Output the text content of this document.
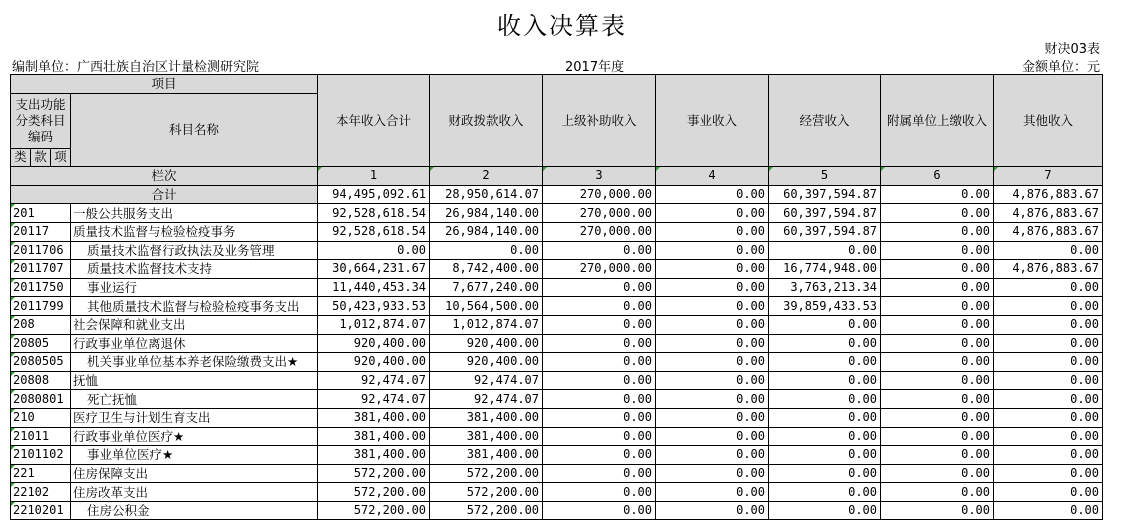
收入决算表
财决03表
编制单位：广西壮族自治区计量检测研究院	2017年度	金额单位：元
项目				本年收入合计	财政拨款收入	上级补助收入	事业收入	经营收入	附属单位上缴收入	其他收入
支出功能分类科目编码			科目名称							

类	款	项								
栏次				1	2	3	4	5	6	7
合计				94,495,092.61	28,950,614.07	270,000.00	0.00	60,397,594.87	0.00	4,876,883.67
201			一般公共服务支出	92,528,618.54	26,984,140.00	270,000.00	0.00	60,397,594.87	0.00	4,876,883.67
20117			质量技术监督与检验检疫事务	92,528,618.54	26,984,140.00	270,000.00	0.00	60,397,594.87	0.00	4,876,883.67
2011706			质量技术监督行政执法及业务管理	0.00	0.00	0.00	0.00	0.00	0.00	0.00
2011707			质量技术监督技术支持	30,664,231.67	8,742,400.00	270,000.00	0.00	16,774,948.00	0.00	4,876,883.67
2011750			事业运行	11,440,453.34	7,677,240.00	0.00	0.00	3,763,213.34	0.00	0.00
2011799			其他质量技术监督与检验检疫事务支出	50,423,933.53	10,564,500.00	0.00	0.00	39,859,433.53	0.00	0.00
208			社会保障和就业支出	1,012,874.07	1,012,874.07	0.00	0.00	0.00	0.00	0.00
20805			行政事业单位离退休	920,400.00	920,400.00	0.00	0.00	0.00	0.00	0.00
2080505			机关事业单位基本养老保险缴费支出★	920,400.00	920,400.00	0.00	0.00	0.00	0.00	0.00
20808			抚恤	92,474.07	92,474.07	0.00	0.00	0.00	0.00	0.00
2080801			死亡抚恤	92,474.07	92,474.07	0.00	0.00	0.00	0.00	0.00
210			医疗卫生与计划生育支出	381,400.00	381,400.00	0.00	0.00	0.00	0.00	0.00
21011			行政事业单位医疗★	381,400.00	381,400.00	0.00	0.00	0.00	0.00	0.00
2101102			事业单位医疗★	381,400.00	381,400.00	0.00	0.00	0.00	0.00	0.00
221			住房保障支出	572,200.00	572,200.00	0.00	0.00	0.00	0.00	0.00
22102			住房改革支出	572,200.00	572,200.00	0.00	0.00	0.00	0.00	0.00
2210201			住房公积金	572,200.00	572,200.00	0.00	0.00	0.00	0.00	0.00
